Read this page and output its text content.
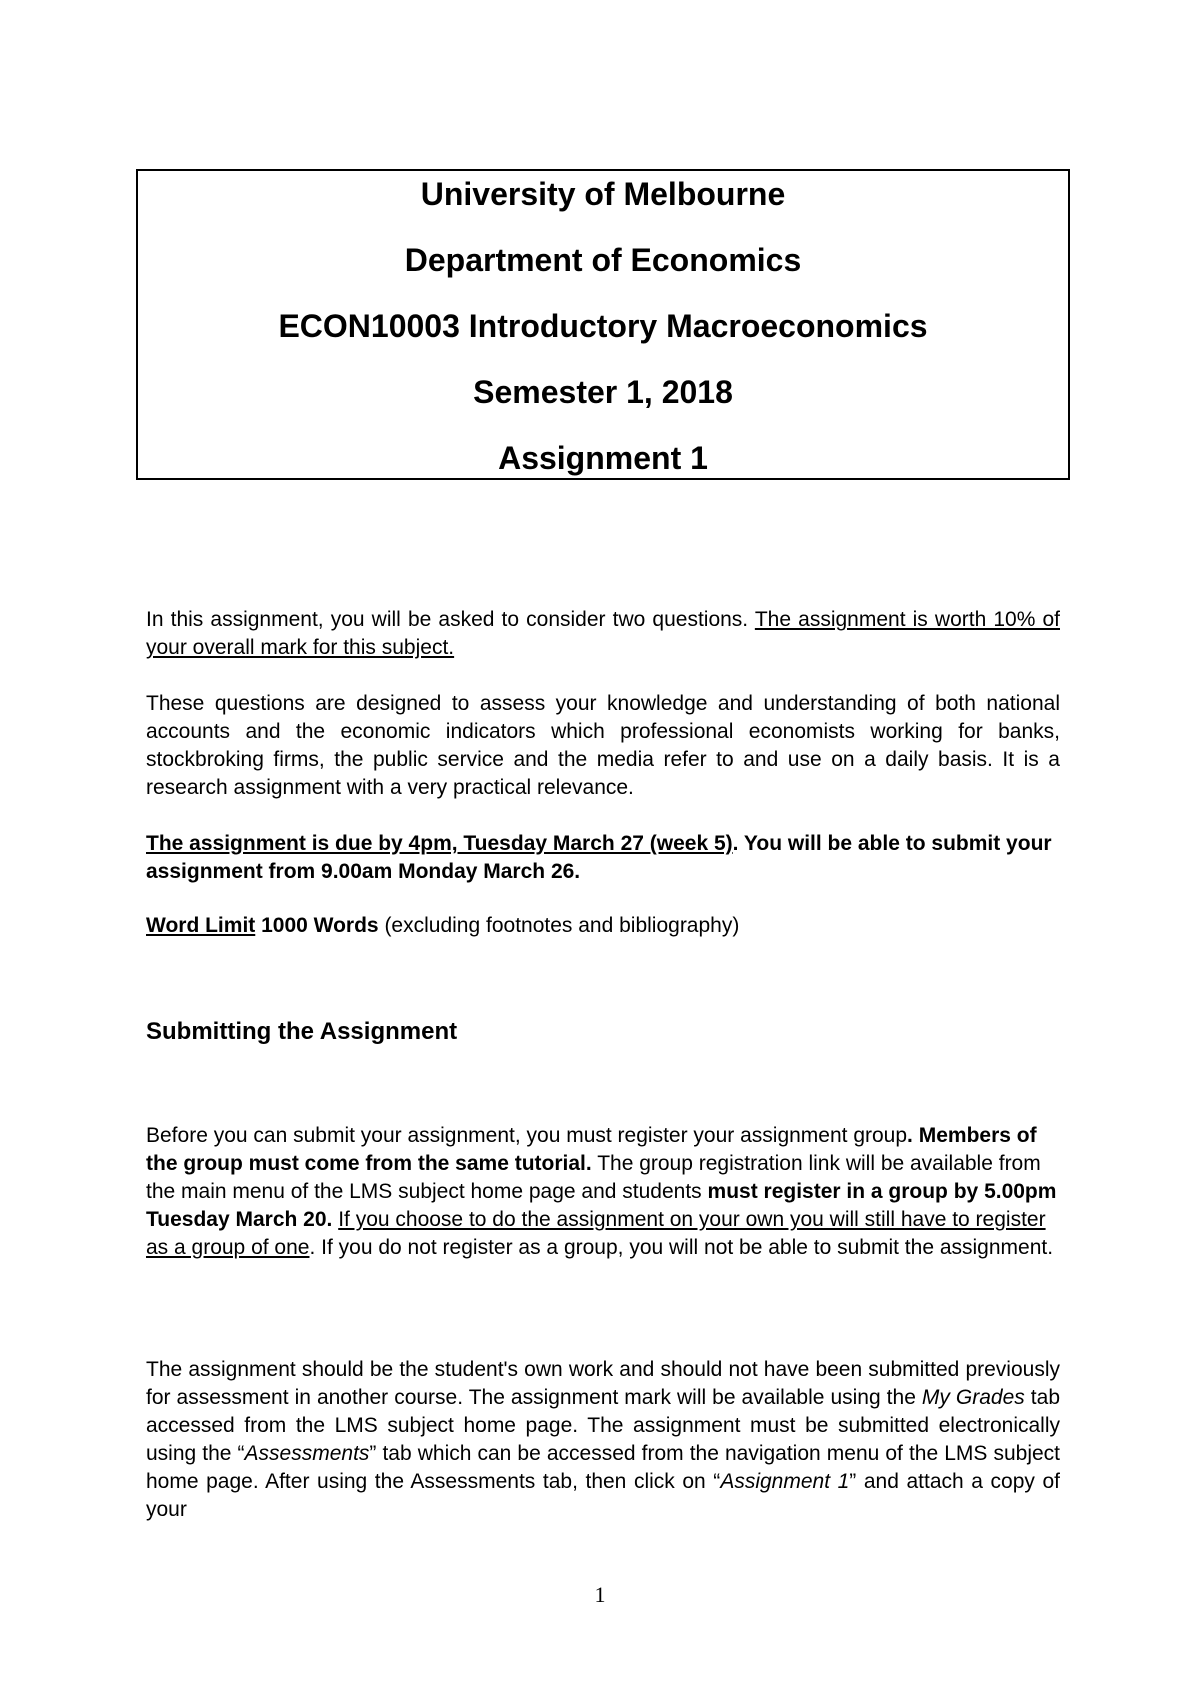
University of Melbourne

Department of Economics

ECON10003 Introductory Macroeconomics

Semester 1, 2018

Assignment 1

In this assignment, you will be asked to consider two questions. The assignment is worth 10% of your overall mark for this subject.

These questions are designed to assess your knowledge and understanding of both national accounts and the economic indicators which professional economists working for banks, stockbroking firms, the public service and the media refer to and use on a daily basis. It is a research assignment with a very practical relevance.

The assignment is due by 4pm, Tuesday March 27 (week 5). You will be able to submit your assignment from 9.00am Monday March 26.

Word Limit 1000 Words (excluding footnotes and bibliography)

Submitting the Assignment

Before you can submit your assignment, you must register your assignment group. Members of the group must come from the same tutorial. The group registration link will be available from the main menu of the LMS subject home page and students must register in a group by 5.00pm Tuesday March 20. If you choose to do the assignment on your own you will still have to register as a group of one. If you do not register as a group, you will not be able to submit the assignment.

The assignment should be the student's own work and should not have been submitted previously for assessment in another course. The assignment mark will be available using the My Grades tab accessed from the LMS subject home page. The assignment must be submitted electronically using the “Assessments” tab which can be accessed from the navigation menu of the LMS subject home page. After using the Assessments tab, then click on “Assignment 1” and attach a copy of your

1
